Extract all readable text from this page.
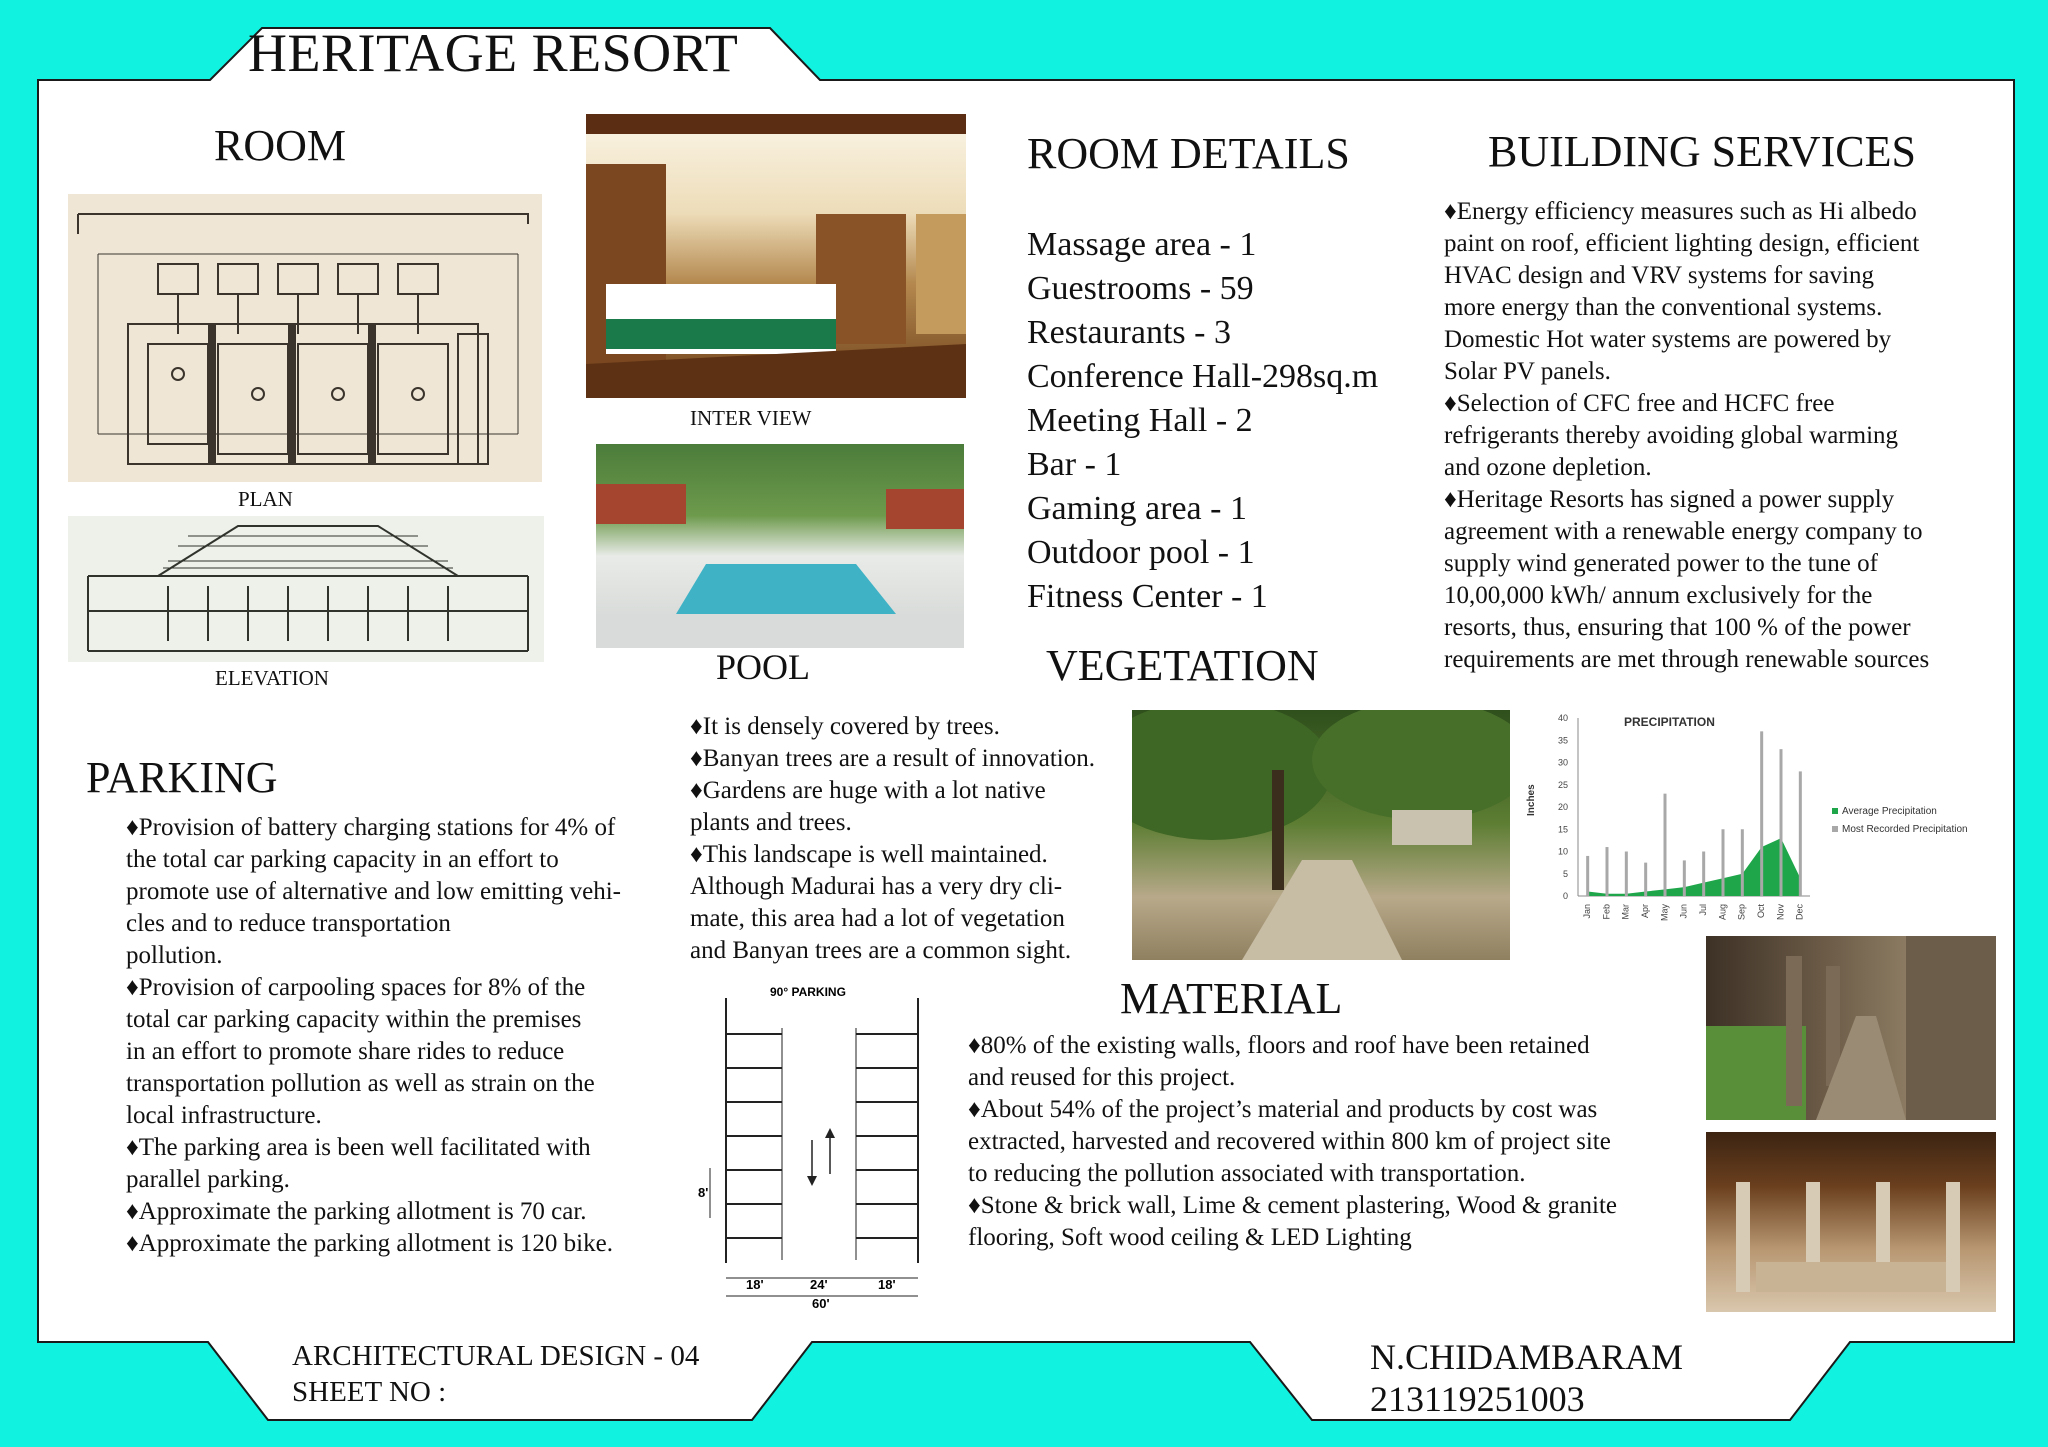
HERITAGE RESORT
ROOM
PLAN
ELEVATION
INTER VIEW
POOL
ROOM DETAILS
Massage area - 1
Guestrooms - 59
Restaurants - 3
Conference Hall-298sq.m
Meeting Hall - 2
Bar - 1
Gaming area - 1
Outdoor pool - 1
Fitness Center - 1
BUILDING SERVICES
♦Energy efficiency measures such as Hi albedo
paint on roof, efficient lighting design, efficient
HVAC design and VRV systems for saving
more energy than the conventional systems.
Domestic Hot water systems are powered by
Solar PV panels.
♦Selection of CFC free and HCFC free
refrigerants thereby avoiding global warming
and ozone depletion.
♦Heritage Resorts has signed a power supply
agreement with a renewable energy company to
supply wind generated power to the tune of
10,00,000 kWh/ annum exclusively for the
resorts, thus, ensuring that 100 % of the power
requirements are met through renewable sources
VEGETATION
♦It is densely covered by trees.
♦Banyan trees are a result of innovation.
♦Gardens are huge with a lot native
plants and trees.
♦This landscape is well maintained.
Although Madurai has a very dry cli-
mate, this area had a lot of vegetation
and Banyan trees are a common sight.
PRECIPITATION
Inches
0
5
10
15
20
25
30
35
40
Jan Feb Mar Apr May Jun Jul Aug Sep Oct Nov Dec
Average Precipitation
Most Recorded Precipitation
PARKING
♦Provision of battery charging stations for 4% of
the total car parking capacity in an effort to
promote use of alternative and low emitting vehi-
cles and to reduce transportation
pollution.
♦Provision of carpooling spaces for 8% of the
total car parking capacity within the premises
in an effort to promote share rides to reduce
transportation pollution as well as strain on the
local infrastructure.
♦The parking area is been well facilitated with
parallel parking.
♦Approximate the parking allotment is 70 car.
♦Approximate the parking allotment is 120 bike.
90° PARKING
8'
18'	24'	18'
60'
MATERIAL
♦80% of the existing walls, floors and roof have been retained
and reused for this project.
♦About 54% of the project’s material and products by cost was
extracted, harvested and recovered within 800 km of project site
to reducing the pollution associated with transportation.
♦Stone & brick wall, Lime & cement plastering, Wood & granite
flooring, Soft wood ceiling & LED Lighting
ARCHITECTURAL DESIGN - 04
SHEET NO :
N.CHIDAMBARAM
213119251003
